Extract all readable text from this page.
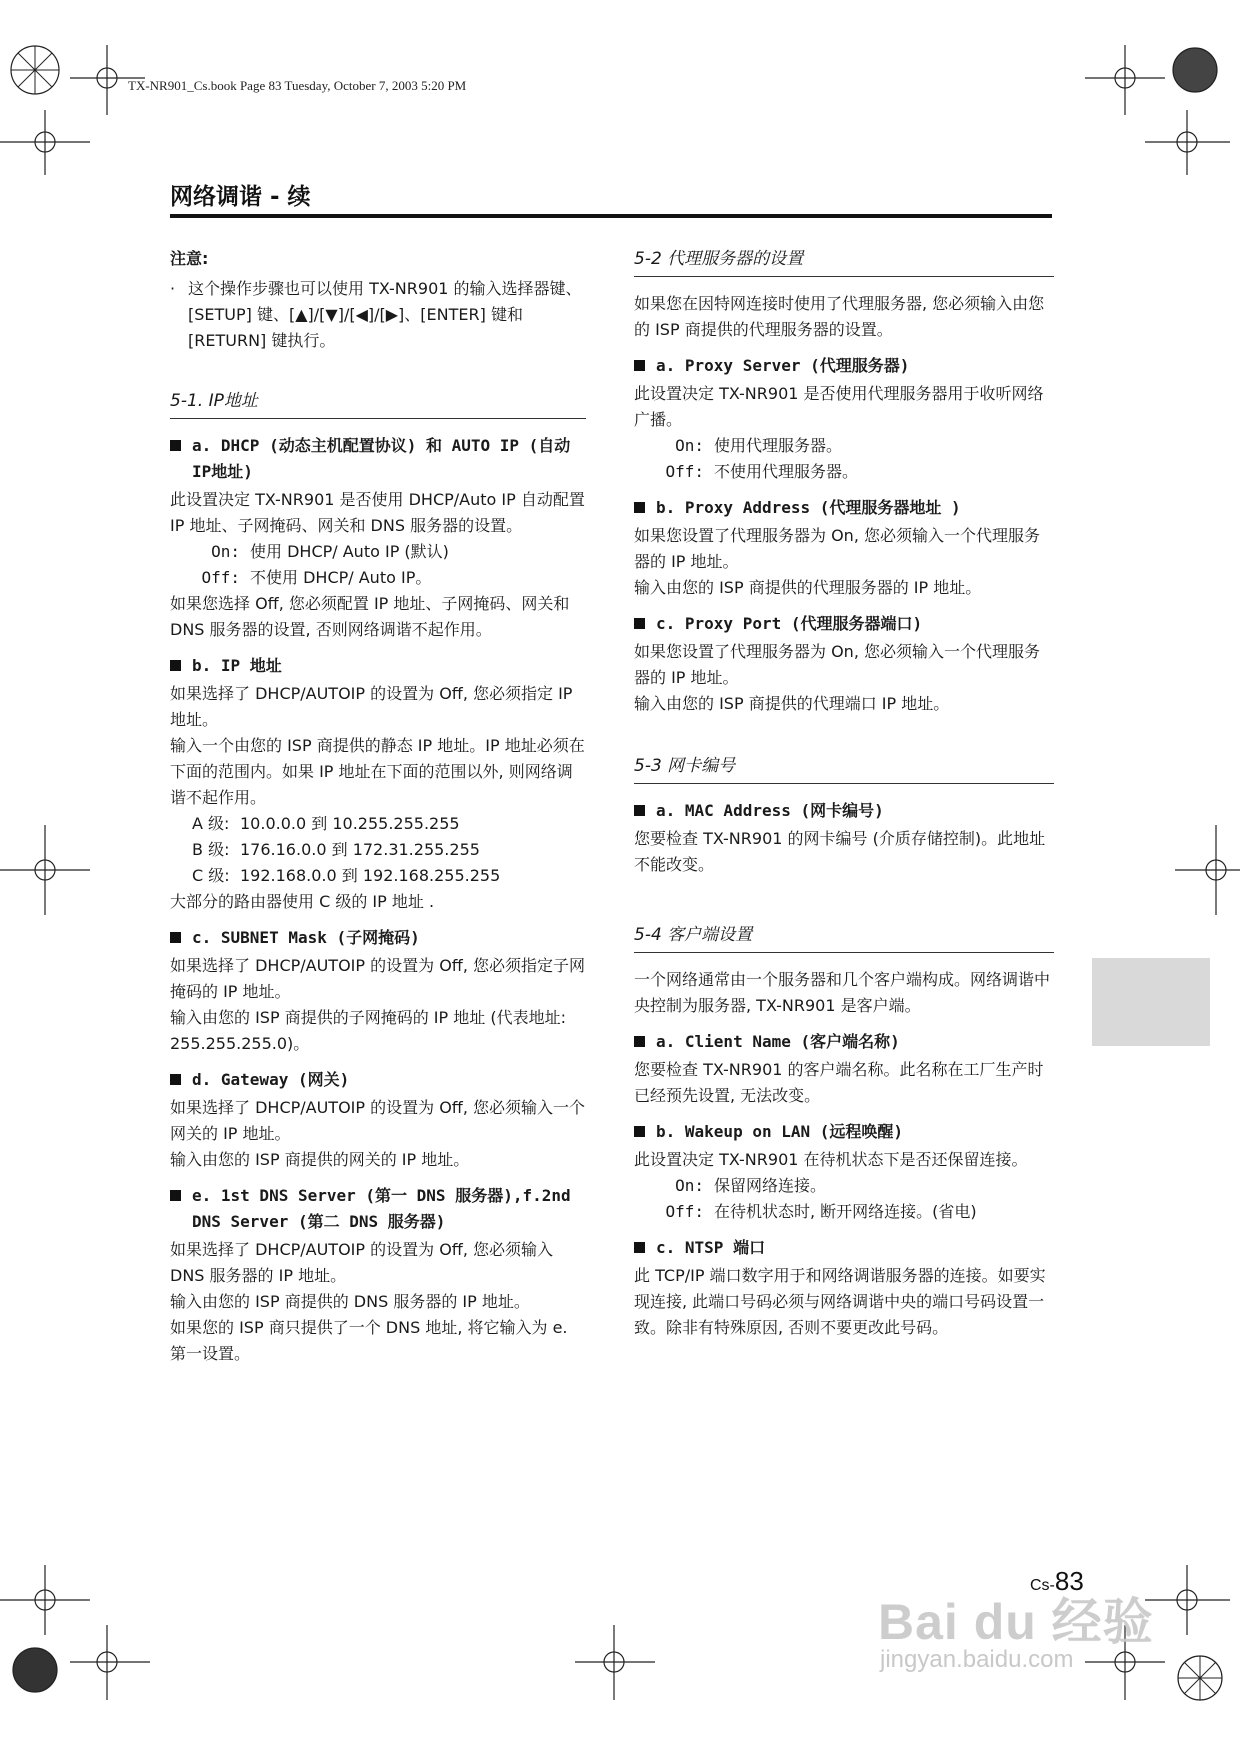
TX-NR901_Cs.book Page 83 Tuesday, October 7, 2003 5:20 PM
网络调谐 - 续

注意:

· 这个操作步骤也可以使用 TX-NR901 的输入选择器键、[SETUP] 键、[▲]/[▼]/[◀]/[▶]、[ENTER] 键和 [RETURN] 键执行。

5-1. IP地址
a. DHCP (动态主机配置协议) 和 AUTO IP (自动IP地址)

此设置决定 TX-NR901 是否使用 DHCP/Auto IP 自动配置 IP 地址、子网掩码、网关和 DNS 服务器的设置。

On: 使用 DHCP/ Auto IP (默认)

Off: 不使用 DHCP/ Auto IP。

如果您选择 Off, 您必须配置 IP 地址、子网掩码、网关和 DNS 服务器的设置, 否则网络调谐不起作用。

b. IP 地址

如果选择了 DHCP/AUTOIP 的设置为 Off, 您必须指定 IP 地址。

输入一个由您的 ISP 商提供的静态 IP 地址。IP 地址必须在下面的范围内。如果 IP 地址在下面的范围以外, 则网络调谐不起作用。

A 级: 10.0.0.0 到 10.255.255.255

B 级: 176.16.0.0 到 172.31.255.255

C 级: 192.168.0.0 到 192.168.255.255

大部分的路由器使用 C 级的 IP 地址 .

c. SUBNET Mask (子网掩码)

如果选择了 DHCP/AUTOIP 的设置为 Off, 您必须指定子网掩码的 IP 地址。

输入由您的 ISP 商提供的子网掩码的 IP 地址 (代表地址: 255.255.255.0)。

d. Gateway (网关)

如果选择了 DHCP/AUTOIP 的设置为 Off, 您必须输入一个网关的 IP 地址。

输入由您的 ISP 商提供的网关的 IP 地址。

e. 1st DNS Server (第一 DNS 服务器),f.2nd DNS Server (第二 DNS 服务器)

如果选择了 DHCP/AUTOIP 的设置为 Off, 您必须输入 DNS 服务器的 IP 地址。

输入由您的 ISP 商提供的 DNS 服务器的 IP 地址。

如果您的 ISP 商只提供了一个 DNS 地址, 将它输入为 e. 第一设置。

5-2 代理服务器的设置

如果您在因特网连接时使用了代理服务器, 您必须输入由您的 ISP 商提供的代理服务器的设置。

a. Proxy Server (代理服务器)

此设置决定 TX-NR901 是否使用代理服务器用于收听网络广播。

On: 使用代理服务器。

Off: 不使用代理服务器。

b. Proxy Address (代理服务器地址 )

如果您设置了代理服务器为 On, 您必须输入一个代理服务器的 IP 地址。

输入由您的 ISP 商提供的代理服务器的 IP 地址。

c. Proxy Port (代理服务器端口)

如果您设置了代理服务器为 On, 您必须输入一个代理服务器的 IP 地址。

输入由您的 ISP 商提供的代理端口 IP 地址。

5-3 网卡编号
a. MAC Address (网卡编号)

您要检查 TX-NR901 的网卡编号 (介质存储控制)。此地址不能改变。

5-4 客户端设置

一个网络通常由一个服务器和几个客户端构成。网络调谐中央控制为服务器, TX-NR901 是客户端。

a. Client Name (客户端名称)

您要检查 TX-NR901 的客户端名称。此名称在工厂生产时已经预先设置, 无法改变。

b. Wakeup on LAN (远程唤醒)

此设置决定 TX-NR901 在待机状态下是否还保留连接。

On: 保留网络连接。

Off: 在待机状态时, 断开网络连接。(省电)

c. NTSP 端口

此 TCP/IP 端口数字用于和网络调谐服务器的连接。如要实现连接, 此端口号码必须与网络调谐中央的端口号码设置一致。除非有特殊原因, 否则不要更改此号码。

Cs-83
Bai du 经验
jingyan.baidu.com
